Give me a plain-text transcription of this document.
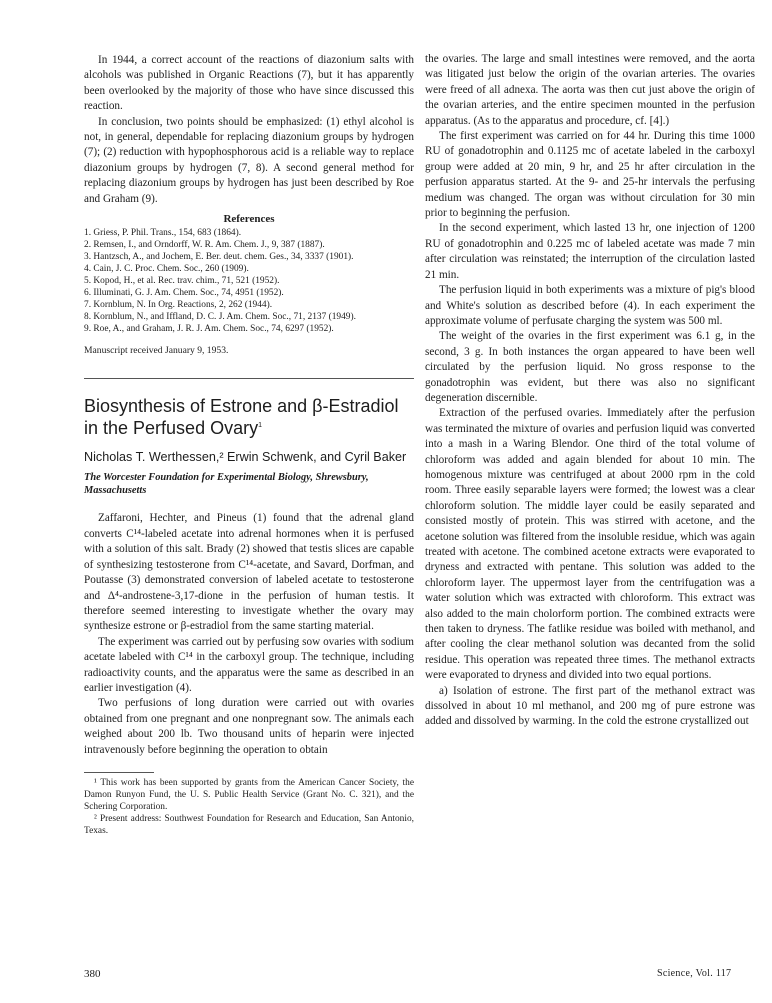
In 1944, a correct account of the reactions of diazonium salts with alcohols was published in Organic Reactions (7), but it has apparently been overlooked by the majority of those who have since discussed this reaction.

In conclusion, two points should be emphasized: (1) ethyl alcohol is not, in general, dependable for replacing diazonium groups by hydrogen (7); (2) reduction with hypophosphorous acid is a reliable way to replace diazonium groups by hydrogen (7, 8). A second general method for replacing diazonium groups by hydrogen has just been described by Roe and Graham (9).

References
1. Griess, P. Phil. Trans., 154, 683 (1864).
2. Remsen, I., and Orndorff, W. R. Am. Chem. J., 9, 387 (1887).
3. Hantzsch, A., and Jochem, E. Ber. deut. chem. Ges., 34, 3337 (1901).
4. Cain, J. C. Proc. Chem. Soc., 260 (1909).
5. Kopod, H., et al. Rec. trav. chim., 71, 521 (1952).
6. Illuminati, G. J. Am. Chem. Soc., 74, 4951 (1952).
7. Kornblum, N. In Org. Reactions, 2, 262 (1944).
8. Kornblum, N., and Iffland, D. C. J. Am. Chem. Soc., 71, 2137 (1949).
9. Roe, A., and Graham, J. R. J. Am. Chem. Soc., 74, 6297 (1952).

Manuscript received January 9, 1953.

Biosynthesis of Estrone and β-Estradiol in the Perfused Ovary$^1$
Nicholas T. Werthessen,² Erwin Schwenk, and Cyril Baker
The Worcester Foundation for Experimental Biology, Shrewsbury, Massachusetts

Zaffaroni, Hechter, and Pineus (1) found that the adrenal gland converts C¹⁴-labeled acetate into adrenal hormones when it is perfused with a solution of this salt. Brady (2) showed that testis slices are capable of synthesizing testosterone from C¹⁴-acetate, and Savard, Dorfman, and Poutasse (3) demonstrated conversion of labeled acetate to testosterone and Δ⁴-androstene-3,17-dione in the perfusion of human testis. It therefore seemed interesting to investigate whether the ovary may synthesize estrone or β-estradiol from the same starting material.

The experiment was carried out by perfusing sow ovaries with sodium acetate labeled with C¹⁴ in the carboxyl group. The technique, including radioactivity counts, and the apparatus were the same as described in an earlier investigation (4).

Two perfusions of long duration were carried out with ovaries obtained from one pregnant and one nonpregnant sow. The animals each weighed about 200 lb. Two thousand units of heparin were injected intravenously before beginning the operation to obtain

¹ This work has been supported by grants from the American Cancer Society, the Damon Runyon Fund, the U. S. Public Health Service (Grant No. C. 321), and the Schering Corporation.

² Present address: Southwest Foundation for Research and Education, San Antonio, Texas.

the ovaries. The large and small intestines were removed, and the aorta was litigated just below the origin of the ovarian arteries. The ovaries were freed of all adnexa. The aorta was then cut just above the origin of the ovarian arteries, and the entire specimen mounted in the perfusion apparatus. (As to the apparatus and procedure, cf. [4].)

The first experiment was carried on for 44 hr. During this time 1000 RU of gonadotrophin and 0.1125 mc of acetate labeled in the carboxyl group were added at 20 min, 9 hr, and 25 hr after circulation in the perfusion apparatus started. At the 9- and 25-hr intervals the perfusing medium was changed. The organ was without circulation for 30 min prior to beginning the perfusion.

In the second experiment, which lasted 13 hr, one injection of 1200 RU of gonadotrophin and 0.225 mc of labeled acetate was made 7 min after circulation was reinstated; the interruption of the circulation lasted 21 min.

The perfusion liquid in both experiments was a mixture of pig's blood and White's solution as described before (4). In each experiment the approximate volume of perfusate charging the system was 500 ml.

The weight of the ovaries in the first experiment was 6.1 g, in the second, 3 g. In both instances the organ appeared to have been well circulated by the perfusion liquid. No gross response to the gonadotrophin was evident, but there was also no significant degeneration discernible.

Extraction of the perfused ovaries. Immediately after the perfusion was terminated the mixture of ovaries and perfusion liquid was converted into a mash in a Waring Blendor. One third of the total volume of chloroform was added and again blended for about 10 min. The homogenous mixture was centrifuged at about 2000 rpm in the cold room. Three easily separable layers were formed; the lowest was a clear chloroform solution. The middle layer could be easily separated and consisted mostly of protein. This was stirred with acetone, and the acetone solution was filtered from the insoluble residue, which was again treated with acetone. The combined acetone extracts were evaporated to dryness and extracted with pentane. This solution was added to the chloroform layer. The uppermost layer from the centrifugation was a water solution which was extracted with chloroform. This extract was also added to the main cholorform portion. The combined extracts were then taken to dryness. The fatlike residue was boiled with methanol, and after cooling the clear methanol solution was decanted from the solid residue. This operation was repeated three times. The methanol extracts were evaporated to dryness and divided into two equal portions.

a) Isolation of estrone. The first part of the methanol extract was dissolved in about 10 ml methanol, and 200 mg of pure estrone was added and dissolved by warming. In the cold the estrone crystallized out

380	Science, Vol. 117
